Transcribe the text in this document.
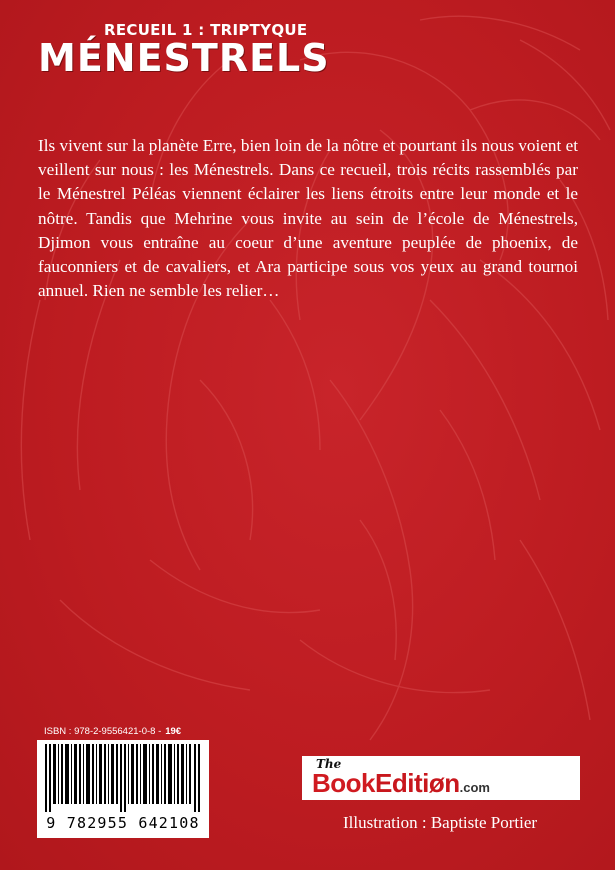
RECUEIL 1 : TRIPTYQUE
MÉNESTRELS
Ils vivent sur la planète Erre, bien loin de la nôtre et pourtant ils nous voient et veillent sur nous : les Ménestrels. Dans ce recueil, trois récits rassemblés par le Ménestrel Péléas viennent éclairer les liens étroits entre leur monde et le nôtre. Tandis que Mehrine vous invite au sein de l’école de Ménestrels, Djimon vous entraîne au coeur d’une aventure peuplée de phoenix, de fauconniers et de cavaliers, et Ara participe sous vos yeux au grand tournoi annuel. Rien ne semble les relier…
ISBN : 978-2-9556421-0-8 - 19€
9 782955 642108
The
BookEditiøn.com
Illustration : Baptiste Portier
